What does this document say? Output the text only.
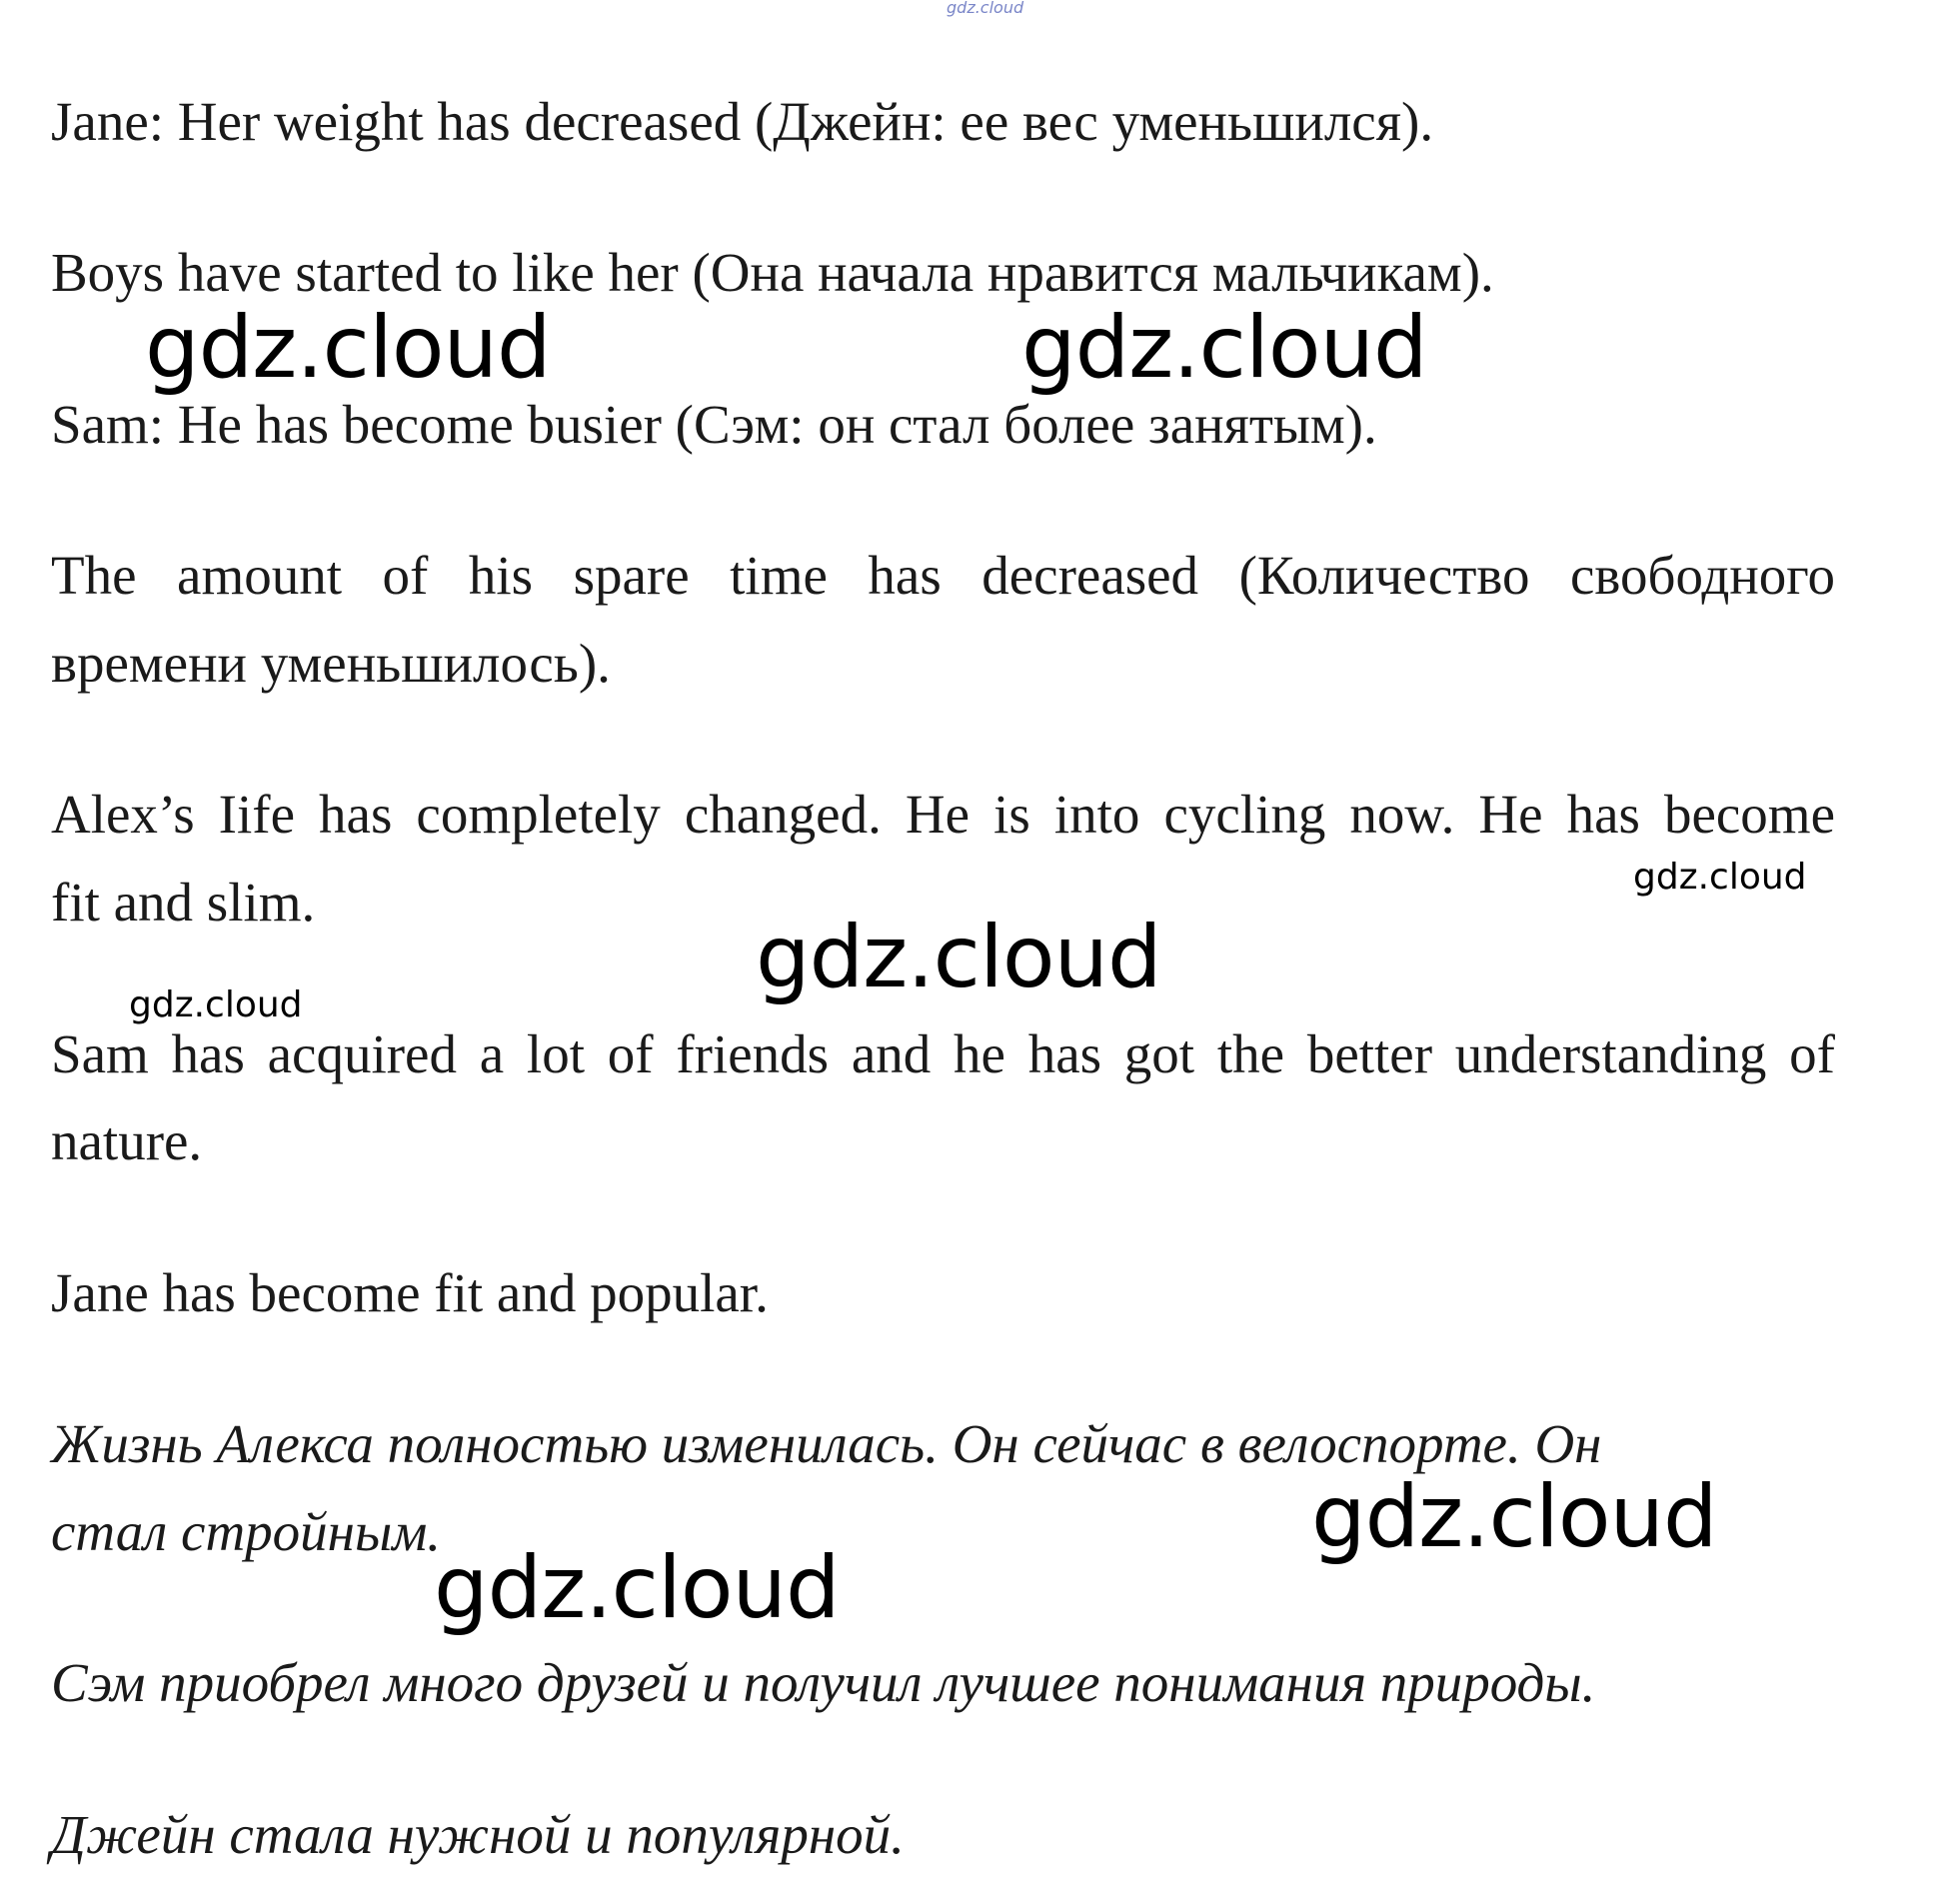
gdz.cloud
Jane: Her weight has decreased (Джейн: ее вес уменьшился).
Boys have started to like her (Она начала нравится мальчикам).
Sam: He has become busier (Сэм: он стал более занятым).
The amount of his spare time has decreased (Количество свободного
времени уменьшилось).
Alex’s Iife has completely changed. He is into cycling now. He has become
fit and slim.
Sam has acquired a lot of friends and he has got the better understanding of
nature.
Jane has become fit and popular.
Жизнь Алекса полностью изменилась. Он сейчас в велоспорте. Он
стал стройным.
Сэм приобрел много друзей и получил лучшее понимания природы.
Джейн стала нужной и популярной.
gdz.cloud	gdz.cloud
gdz.cloud
gdz.cloud
gdz.cloud
gdz.cloud
gdz.cloud
